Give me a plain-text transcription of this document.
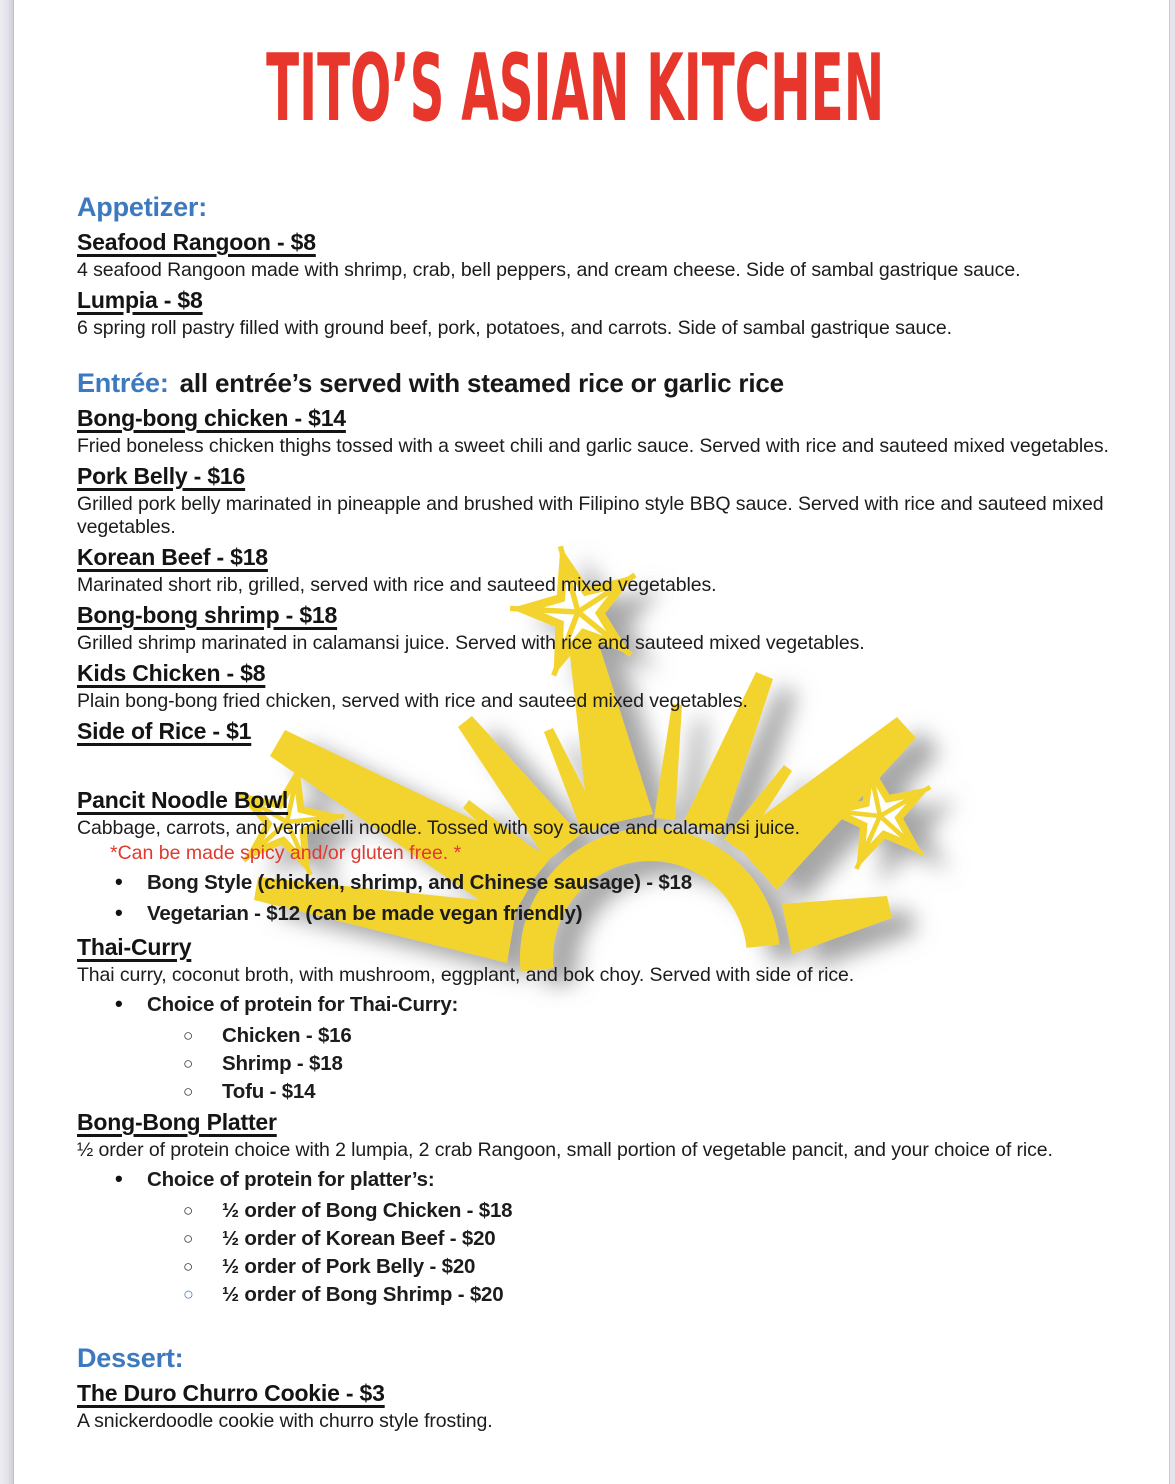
TITO’S ASIAN KITCHEN
Appetizer:
Seafood Rangoon - $8
4 seafood Rangoon made with shrimp, crab, bell peppers, and cream cheese. Side of sambal gastrique sauce.
Lumpia - $8
6 spring roll pastry filled with ground beef, pork, potatoes, and carrots. Side of sambal gastrique sauce.
Entrée: all entrée’s served with steamed rice or garlic rice
Bong-bong chicken - $14
Fried boneless chicken thighs tossed with a sweet chili and garlic sauce. Served with rice and sauteed mixed vegetables.
Pork Belly - $16
Grilled pork belly marinated in pineapple and brushed with Filipino style BBQ sauce. Served with rice and sauteed mixed vegetables.
Korean Beef - $18
Marinated short rib, grilled, served with rice and sauteed mixed vegetables.
Bong-bong shrimp - $18
Grilled shrimp marinated in calamansi juice. Served with rice and sauteed mixed vegetables.
Kids Chicken - $8
Plain bong-bong fried chicken, served with rice and sauteed mixed vegetables.
Side of Rice - $1
Pancit Noodle Bowl
Cabbage, carrots, and vermicelli noodle. Tossed with soy sauce and calamansi juice.
*Can be made spicy and/or gluten free. *
• Bong Style (chicken, shrimp, and Chinese sausage) - $18
• Vegetarian - $12 (can be made vegan friendly)
Thai-Curry
Thai curry, coconut broth, with mushroom, eggplant, and bok choy. Served with side of rice.
• Choice of protein for Thai-Curry:
○ Chicken - $16
○ Shrimp - $18
○ Tofu - $14
Bong-Bong Platter
½ order of protein choice with 2 lumpia, 2 crab Rangoon, small portion of vegetable pancit, and your choice of rice.
• Choice of protein for platter’s:
○ ½ order of Bong Chicken - $18
○ ½ order of Korean Beef - $20
○ ½ order of Pork Belly - $20
○ ½ order of Bong Shrimp - $20
Dessert:
The Duro Churro Cookie - $3
A snickerdoodle cookie with churro style frosting.
